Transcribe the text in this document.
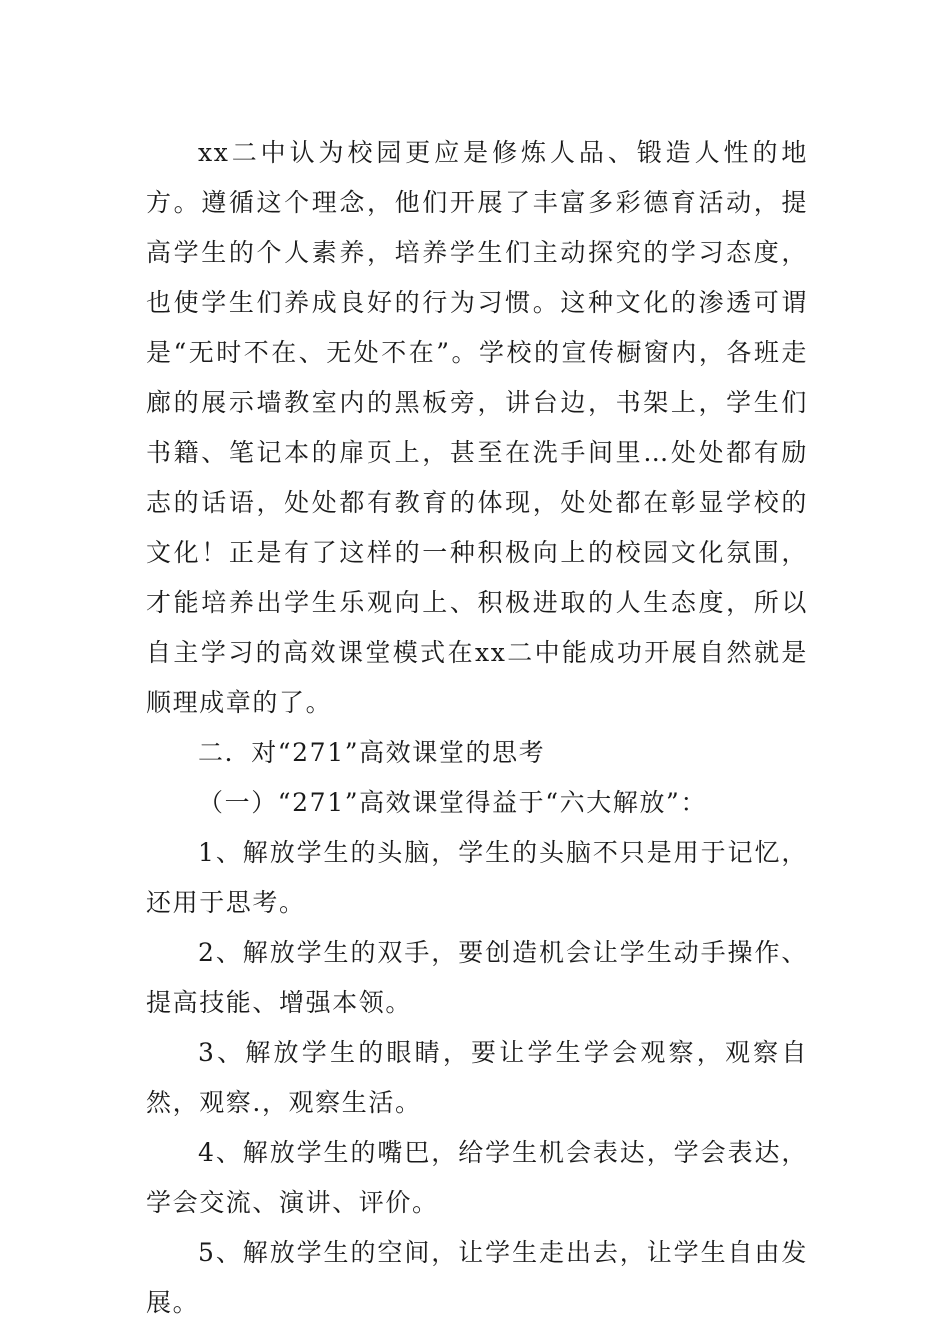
xx二中认为校园更应是修炼人品、锻造人性的地方。遵循这个理念，他们开展了丰富多彩德育活动，提高学生的个人素养，培养学生们主动探究的学习态度，也使学生们养成良好的行为习惯。这种文化的渗透可谓是“无时不在、无处不在”。学校的宣传橱窗内，各班走廊的展示墙教室内的黑板旁，讲台边，书架上，学生们书籍、笔记本的扉页上，甚至在洗手间里…处处都有励志的话语，处处都有教育的体现，处处都在彰显学校的文化！正是有了这样的一种积极向上的校园文化氛围，才能培养出学生乐观向上、积极进取的人生态度，所以自主学习的高效课堂模式在xx二中能成功开展自然就是顺理成章的了。

二．对“271”高效课堂的思考

（一）“271”高效课堂得益于“六大解放”：

1、解放学生的头脑，学生的头脑不只是用于记忆，还用于思考。

2、解放学生的双手，要创造机会让学生动手操作、提高技能、增强本领。

3、解放学生的眼睛，要让学生学会观察，观察自然，观察.，观察生活。

4、解放学生的嘴巴，给学生机会表达，学会表达，学会交流、演讲、评价。

5、解放学生的空间，让学生走出去，让学生自由发展。
